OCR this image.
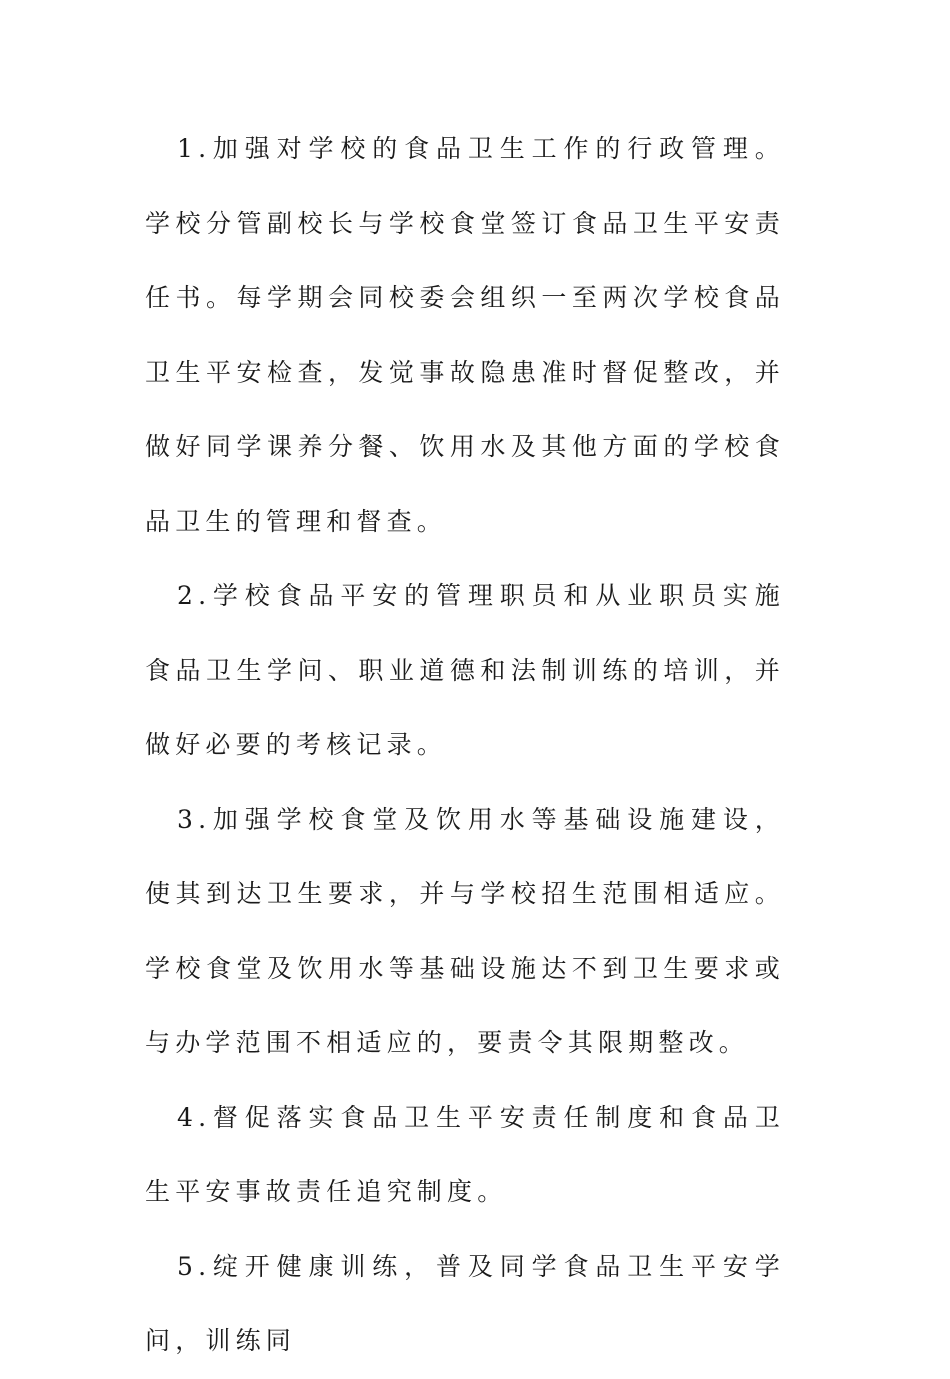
1.加强对学校的食品卫生工作的行政管理。学校分管副校长与学校食堂签订食品卫生平安责任书。每学期会同校委会组织一至两次学校食品卫生平安检查，发觉事故隐患准时督促整改，并做好同学课养分餐、饮用水及其他方面的学校食品卫生的管理和督查。

2.学校食品平安的管理职员和从业职员实施食品卫生学问、职业道德和法制训练的培训，并做好必要的考核记录。

3.加强学校食堂及饮用水等基础设施建设，使其到达卫生要求，并与学校招生范围相适应。学校食堂及饮用水等基础设施达不到卫生要求或与办学范围不相适应的，要责令其限期整改。

4.督促落实食品卫生平安责任制度和食品卫生平安事故责任追究制度。

5.绽开健康训练，普及同学食品卫生平安学问，训练同
